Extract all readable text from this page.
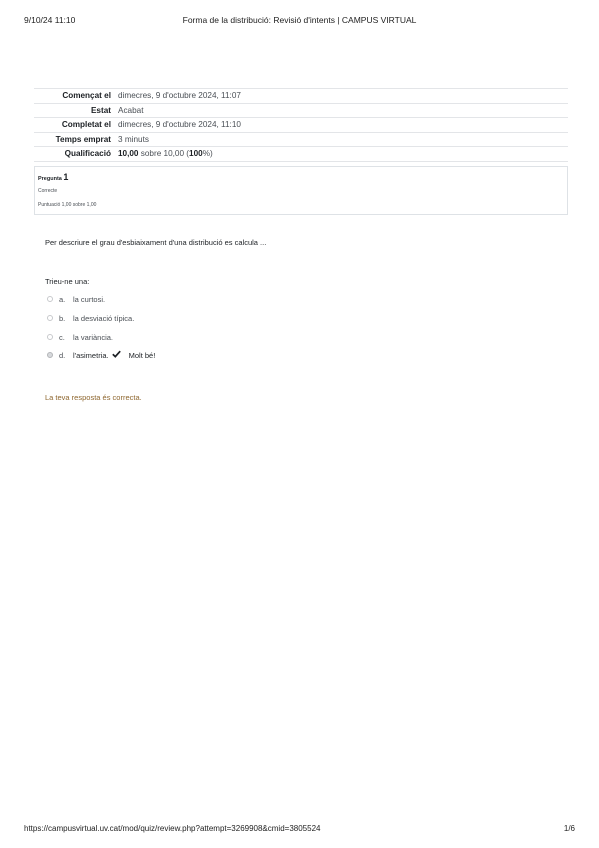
9/10/24 11:10	Forma de la distribució: Revisió d'intents | CAMPUS VIRTUAL
Començat el	dimecres, 9 d'octubre 2024, 11:07
Estat	Acabat
Completat el	dimecres, 9 d'octubre 2024, 11:10
Temps emprat	3 minuts
Qualificació	10,00 sobre 10,00 (100%)
Pregunta 1
Correcte
Puntuació 1,00 sobre 1,00
Per descriure el grau d'esbiaixament d'una distribució es calcula ...
Trieu-ne una:
a.	la curtosi.
b.	la desviació típica.
c.	la variància.
d.	l'asimetria.	Molt bé!
La teva resposta és correcta.
https://campusvirtual.uv.cat/mod/quiz/review.php?attempt=3269908&cmid=3805524	1/6
